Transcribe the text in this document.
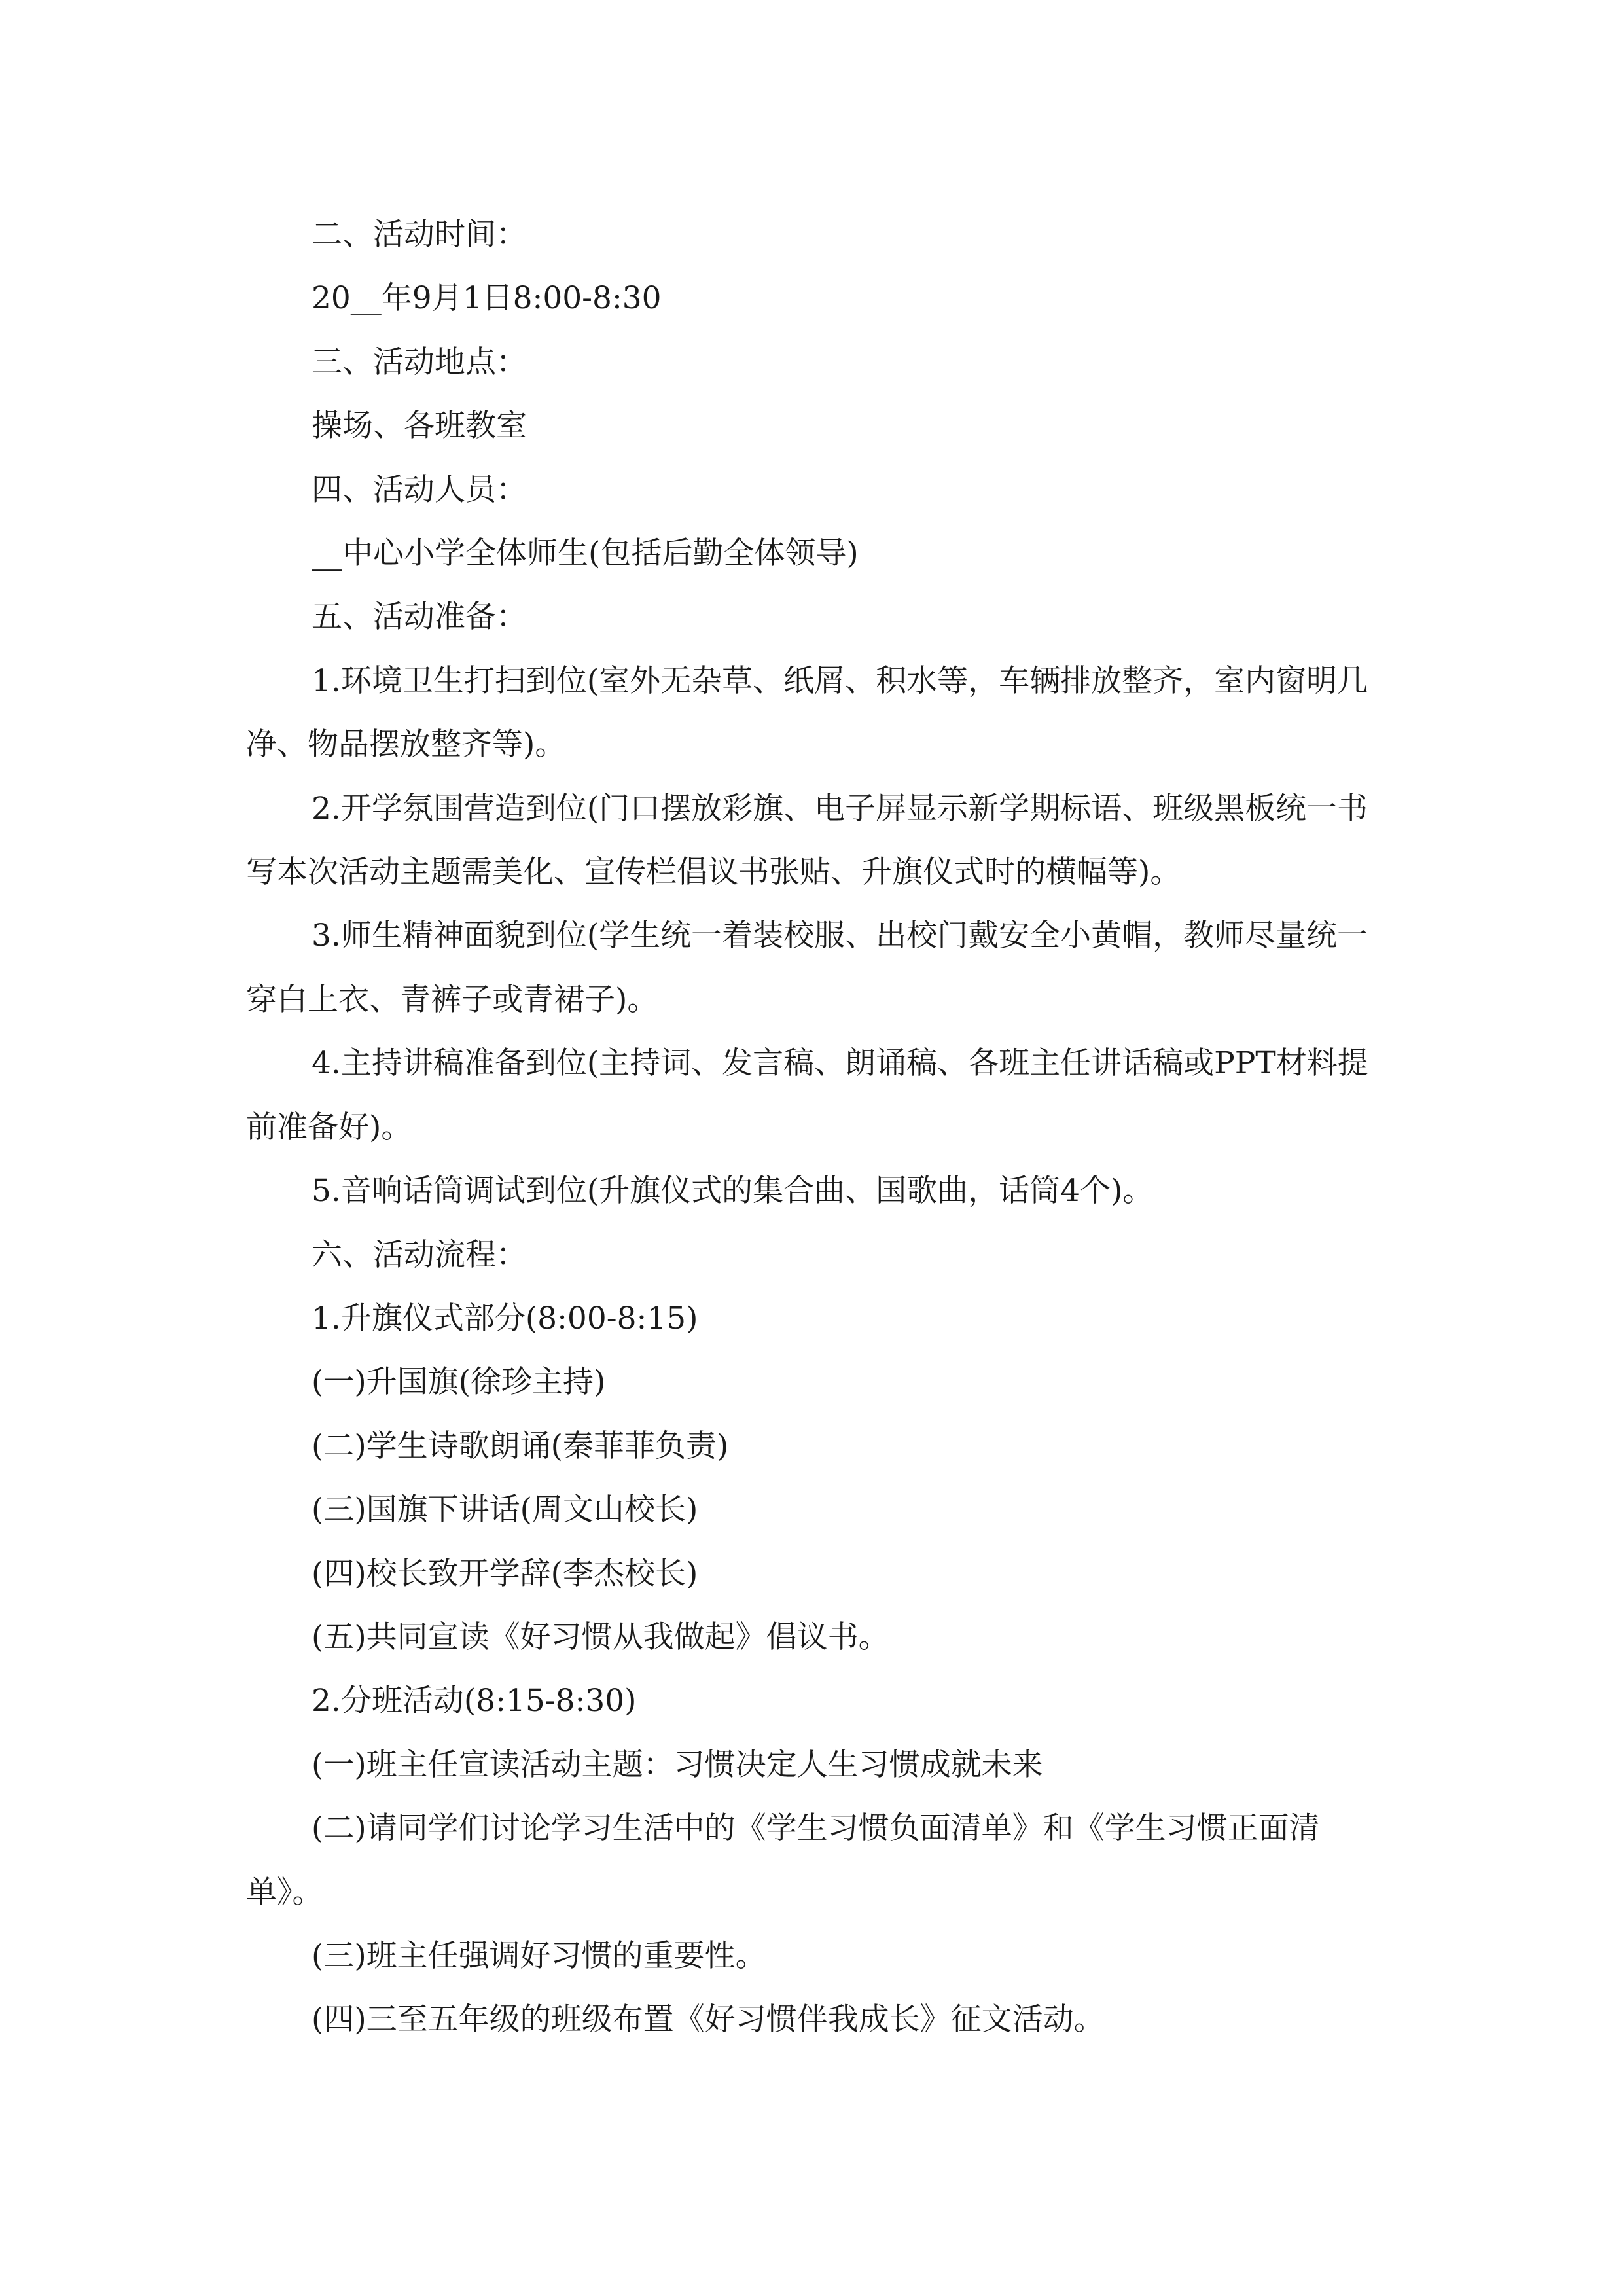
二、活动时间：

20__年9月1日8:00-8:30

三、活动地点：

操场、各班教室

四、活动人员：

__中心小学全体师生(包括后勤全体领导)

五、活动准备：

1.环境卫生打扫到位(室外无杂草、纸屑、积水等，车辆排放整齐，室内窗明几净、物品摆放整齐等)。

2.开学氛围营造到位(门口摆放彩旗、电子屏显示新学期标语、班级黑板统一书写本次活动主题需美化、宣传栏倡议书张贴、升旗仪式时的横幅等)。

3.师生精神面貌到位(学生统一着装校服、出校门戴安全小黄帽，教师尽量统一穿白上衣、青裤子或青裙子)。

4.主持讲稿准备到位(主持词、发言稿、朗诵稿、各班主任讲话稿或PPT材料提前准备好)。

5.音响话筒调试到位(升旗仪式的集合曲、国歌曲，话筒4个)。

六、活动流程：

1.升旗仪式部分(8:00-8:15)

(一)升国旗(徐珍主持)

(二)学生诗歌朗诵(秦菲菲负责)

(三)国旗下讲话(周文山校长)

(四)校长致开学辞(李杰校长)

(五)共同宣读《好习惯从我做起》倡议书。

2.分班活动(8:15-8:30)

(一)班主任宣读活动主题：习惯决定人生习惯成就未来

(二)请同学们讨论学习生活中的《学生习惯负面清单》和《学生习惯正面清单》。

(三)班主任强调好习惯的重要性。

(四)三至五年级的班级布置《好习惯伴我成长》征文活动。
